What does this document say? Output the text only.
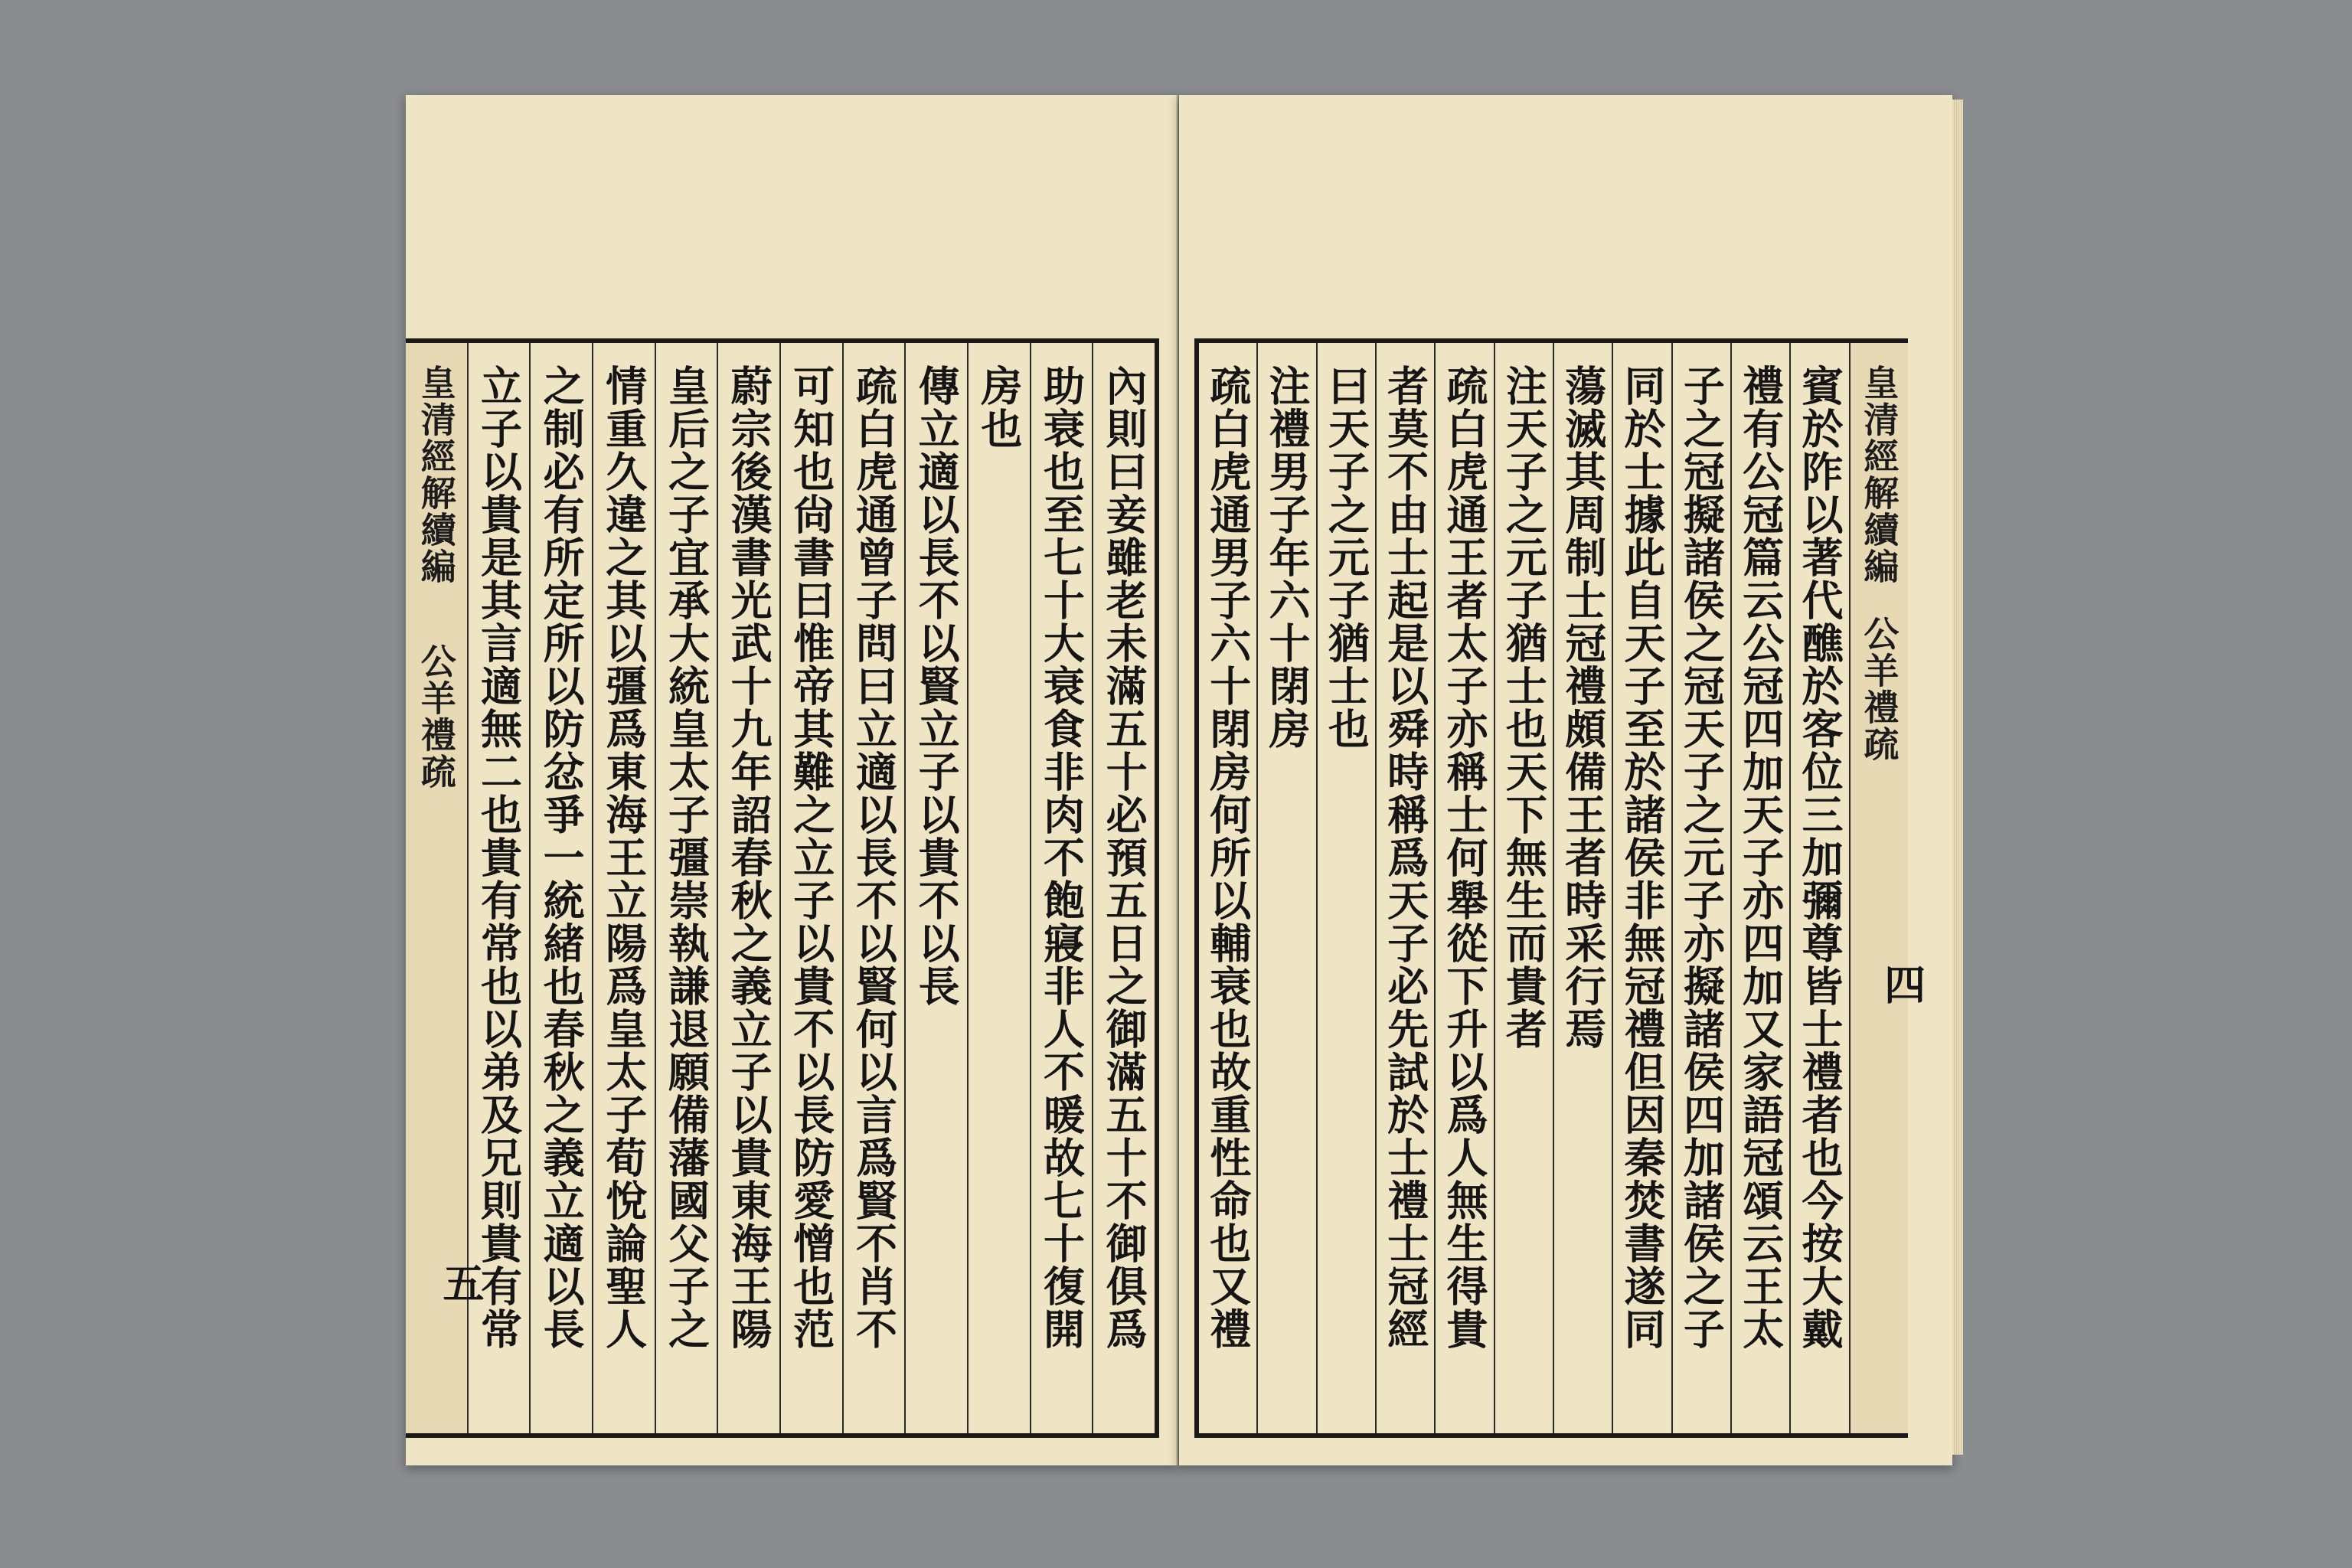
內則曰妾雖老未滿五十必預五日之御滿五十不御俱爲
助衰也至七十大衰食非肉不飽寢非人不暖故七十復開
房也
傳立適以長不以賢立子以貴不以長
疏白虎通曾子問曰立適以長不以賢何以言爲賢不肖不
可知也尙書曰惟帝其難之立子以貴不以長防愛憎也范
蔚宗後漢書光武十九年詔春秋之義立子以貴東海王陽
皇后之子宜承大統皇太子彊崇執謙退願備藩國父子之
情重久違之其以彊爲東海王立陽爲皇太子荀悅論聖人
之制必有所定所以防忿爭一統緒也春秋之義立適以長
立子以貴是其言適無二也貴有常也以弟及兄則貴有常
皇清經解續編  公羊禮疏
五
皇清經解續編公羊禮疏
四
賓於阼以著代醮於客位三加彌尊皆士禮者也今按大戴
禮有公冠篇云公冠四加天子亦四加又家語冠頌云王太
子之冠擬諸侯之冠天子之元子亦擬諸侯四加諸侯之子
同於士據此自天子至於諸侯非無冠禮但因秦焚書遂同
蕩滅其周制士冠禮頗備王者時采行焉
注天子之元子猶士也天下無生而貴者
疏白虎通王者太子亦稱士何舉從下升以爲人無生得貴
者莫不由士起是以舜時稱爲天子必先試於士禮士冠經
曰天子之元子猶士也
注禮男子年六十閉房
疏白虎通男子六十閉房何所以輔衰也故重性命也又禮
